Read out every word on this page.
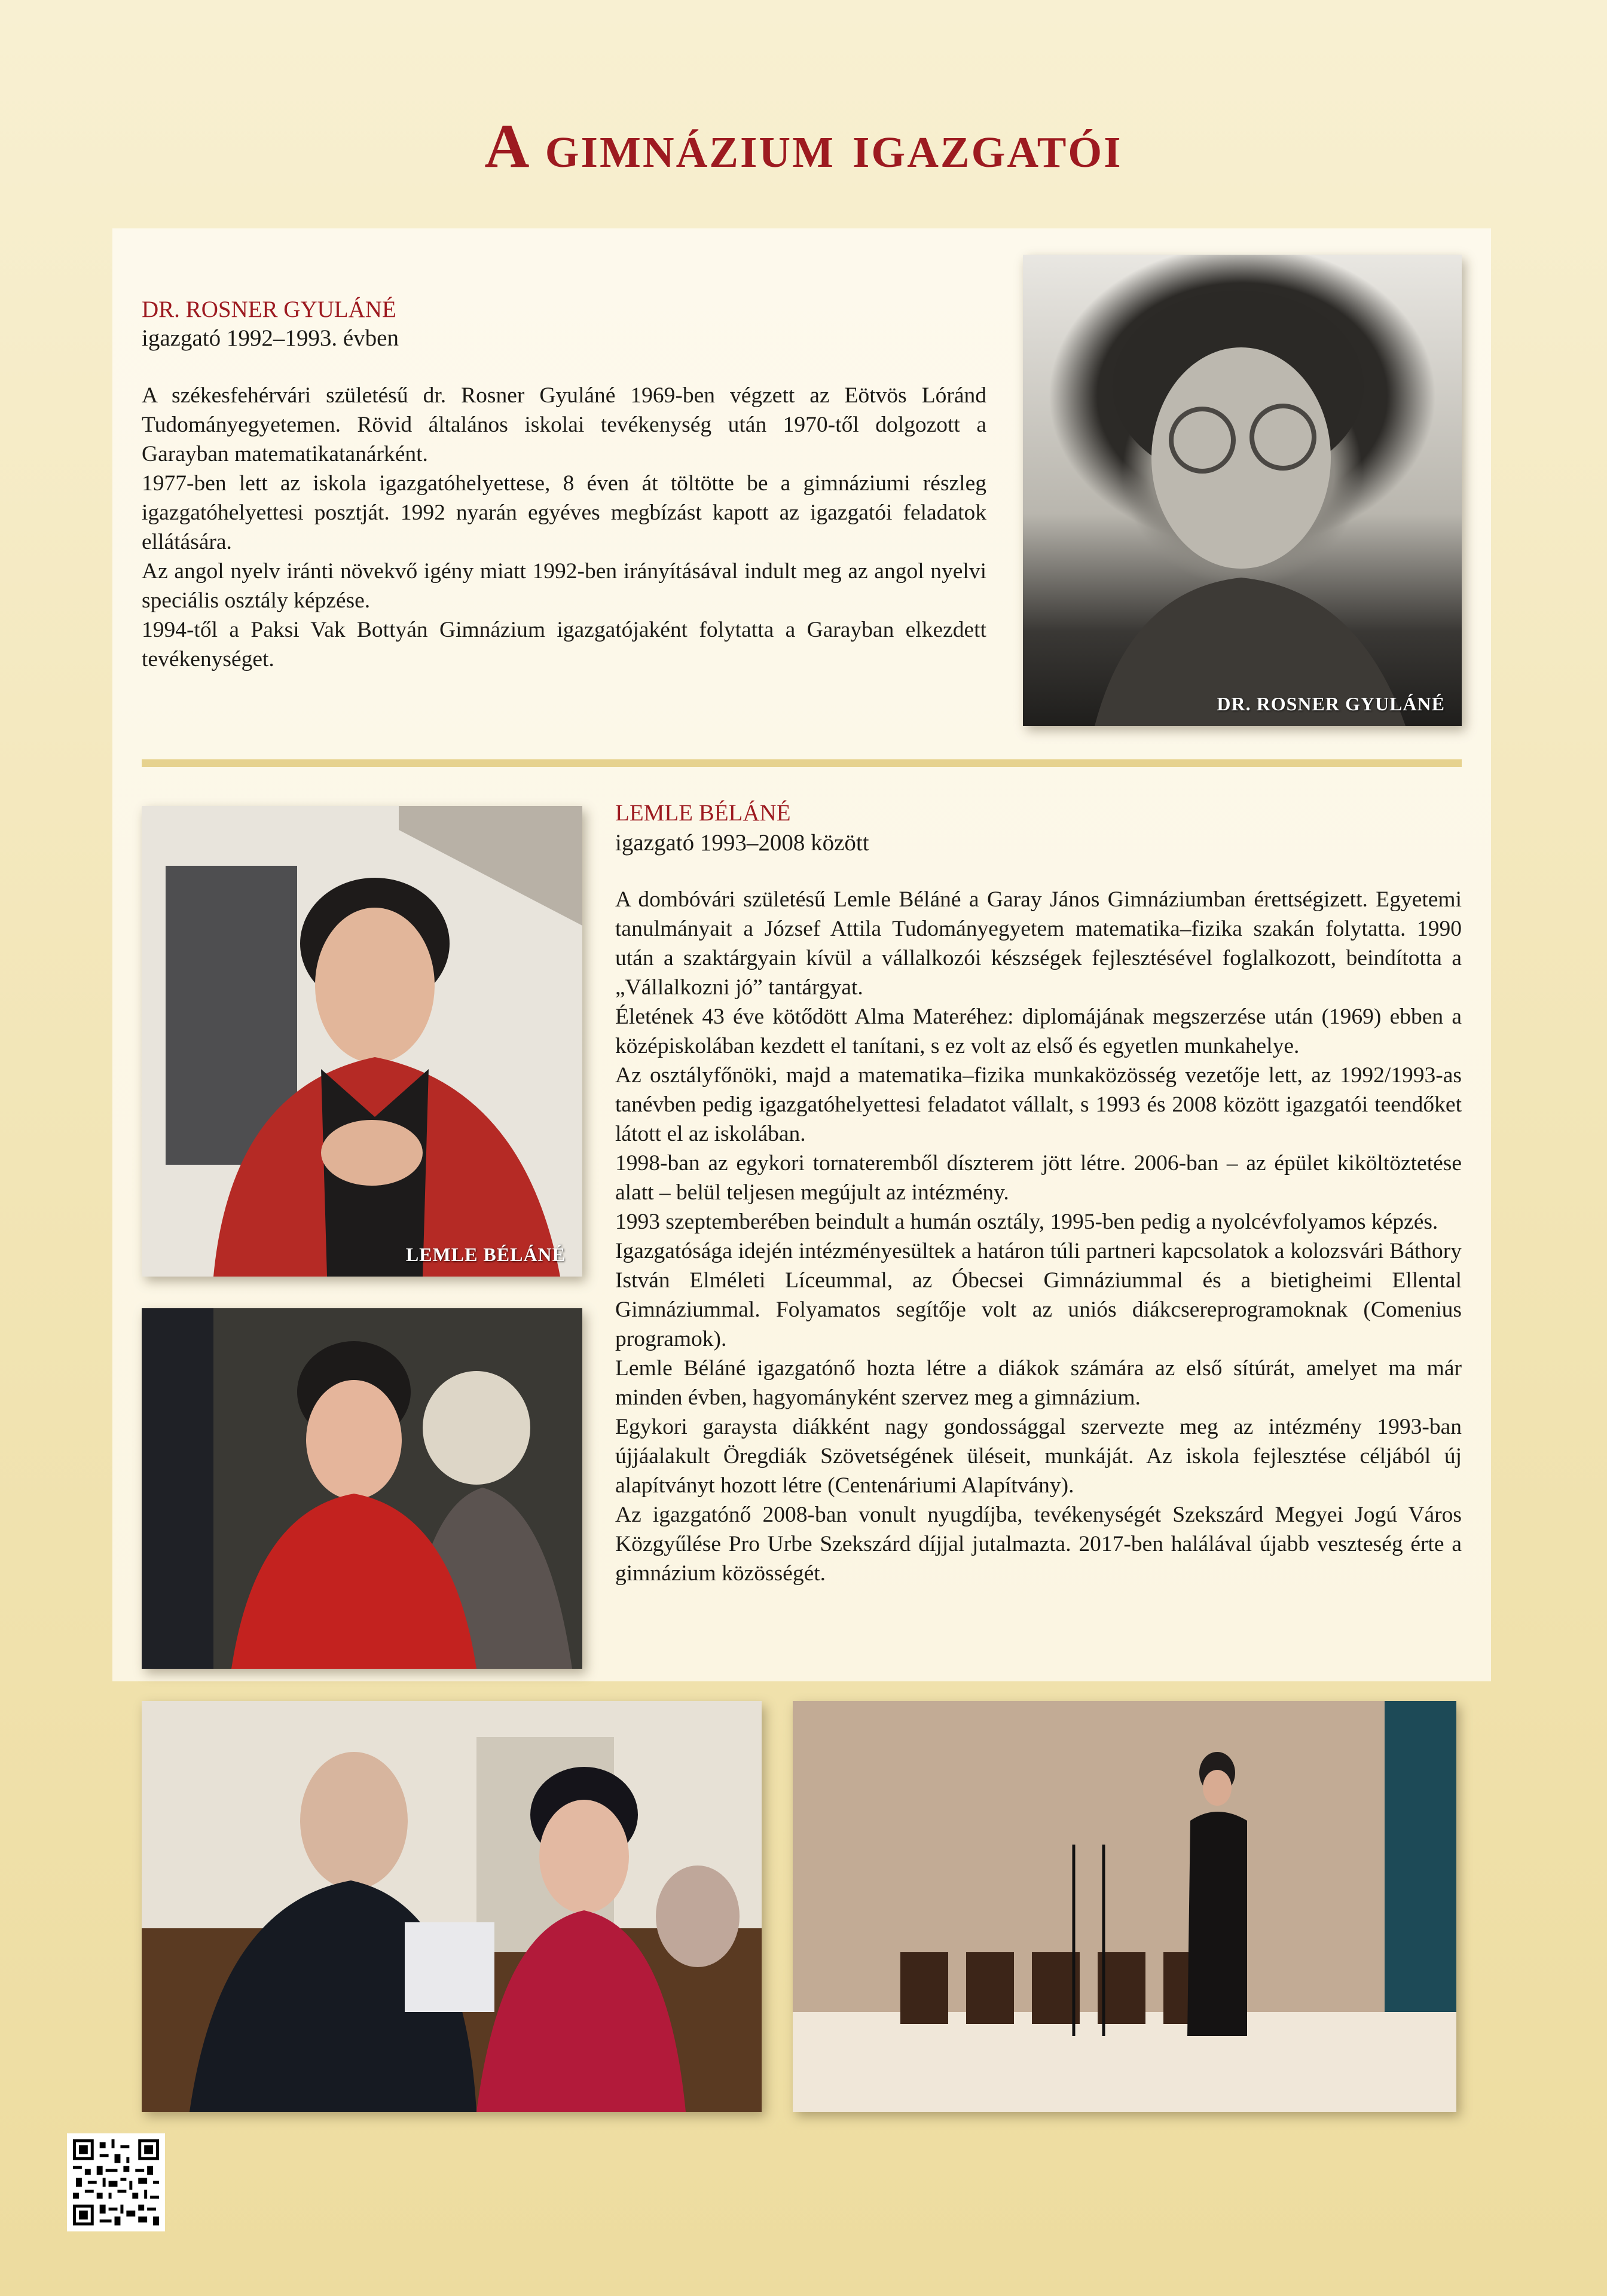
A gimnázium igazgatói
DR. ROSNER GYULÁNÉ
igazgató 1992–1993. évben

A székesfehérvári születésű dr. Rosner Gyuláné 1969-ben végzett az Eötvös Lóránd Tudományegyetemen. Rövid általános iskolai tevékenység után 1970-től dolgozott a Garayban matematikatanárként.

1977-ben lett az iskola igazgatóhelyettese, 8 éven át töltötte be a gimnáziumi részleg igazgatóhelyettesi posztját. 1992 nyarán egyéves megbízást kapott az igazgatói feladatok ellátására.

Az angol nyelv iránti növekvő igény miatt 1992-ben irányításával indult meg az angol nyelvi speciális osztály képzése.

1994-től a Paksi Vak Bottyán Gimnázium igazgatójaként folytatta a Garayban elkezdett tevékenységet.

DR. ROSNER GYULÁNÉ
LEMLE BÉLÁNÉ
igazgató 1993–2008 között

A dombóvári születésű Lemle Béláné a Garay János Gimnáziumban érettségizett. Egyetemi tanulmányait a József Attila Tudományegyetem matematika–fizika szakán folytatta. 1990 után a szaktárgyain kívül a vállalkozói készségek fejlesztésével foglalkozott, beindította a „Vállalkozni jó” tantárgyat.

Életének 43 éve kötődött Alma Materéhez: diplomájának megszerzése után (1969) ebben a középiskolában kezdett el tanítani, s ez volt az első és egyetlen munkahelye.

Az osztályfőnöki, majd a matematika–fizika munkaközösség vezetője lett, az 1992/1993-as tanévben pedig igazgatóhelyettesi feladatot vállalt, s 1993 és 2008 között igazgatói teendőket látott el az iskolában.

1998-ban az egykori tornateremből díszterem jött létre. 2006-ban – az épület kiköltöztetése alatt – belül teljesen megújult az intézmény.

1993 szeptemberében beindult a humán osztály, 1995-ben pedig a nyolcévfolyamos képzés.

Igazgatósága idején intézményesültek a határon túli partneri kapcsolatok a kolozsvári Báthory István Elméleti Líceummal, az Óbecsei Gimnáziummal és a bietigheimi Ellental Gimnáziummal. Folyamatos segítője volt az uniós diákcsereprogramoknak (Comenius programok).

Lemle Béláné igazgatónő hozta létre a diákok számára az első sítúrát, amelyet ma már minden évben, hagyományként szervez meg a gimnázium.

Egykori garaysta diákként nagy gondossággal szervezte meg az intézmény 1993-ban újjáalakult Öregdiák Szövetségének üléseit, munkáját. Az iskola fejlesztése céljából új alapítványt hozott létre (Centenáriumi Alapítvány).

Az igazgatónő 2008-ban vonult nyugdíjba, tevékenységét Szekszárd Megyei Jogú Város Közgyűlése Pro Urbe Szekszárd díjjal jutalmazta. 2017-ben halálával újabb veszteség érte a gimnázium közösségét.

LEMLE BÉLÁNÉ
